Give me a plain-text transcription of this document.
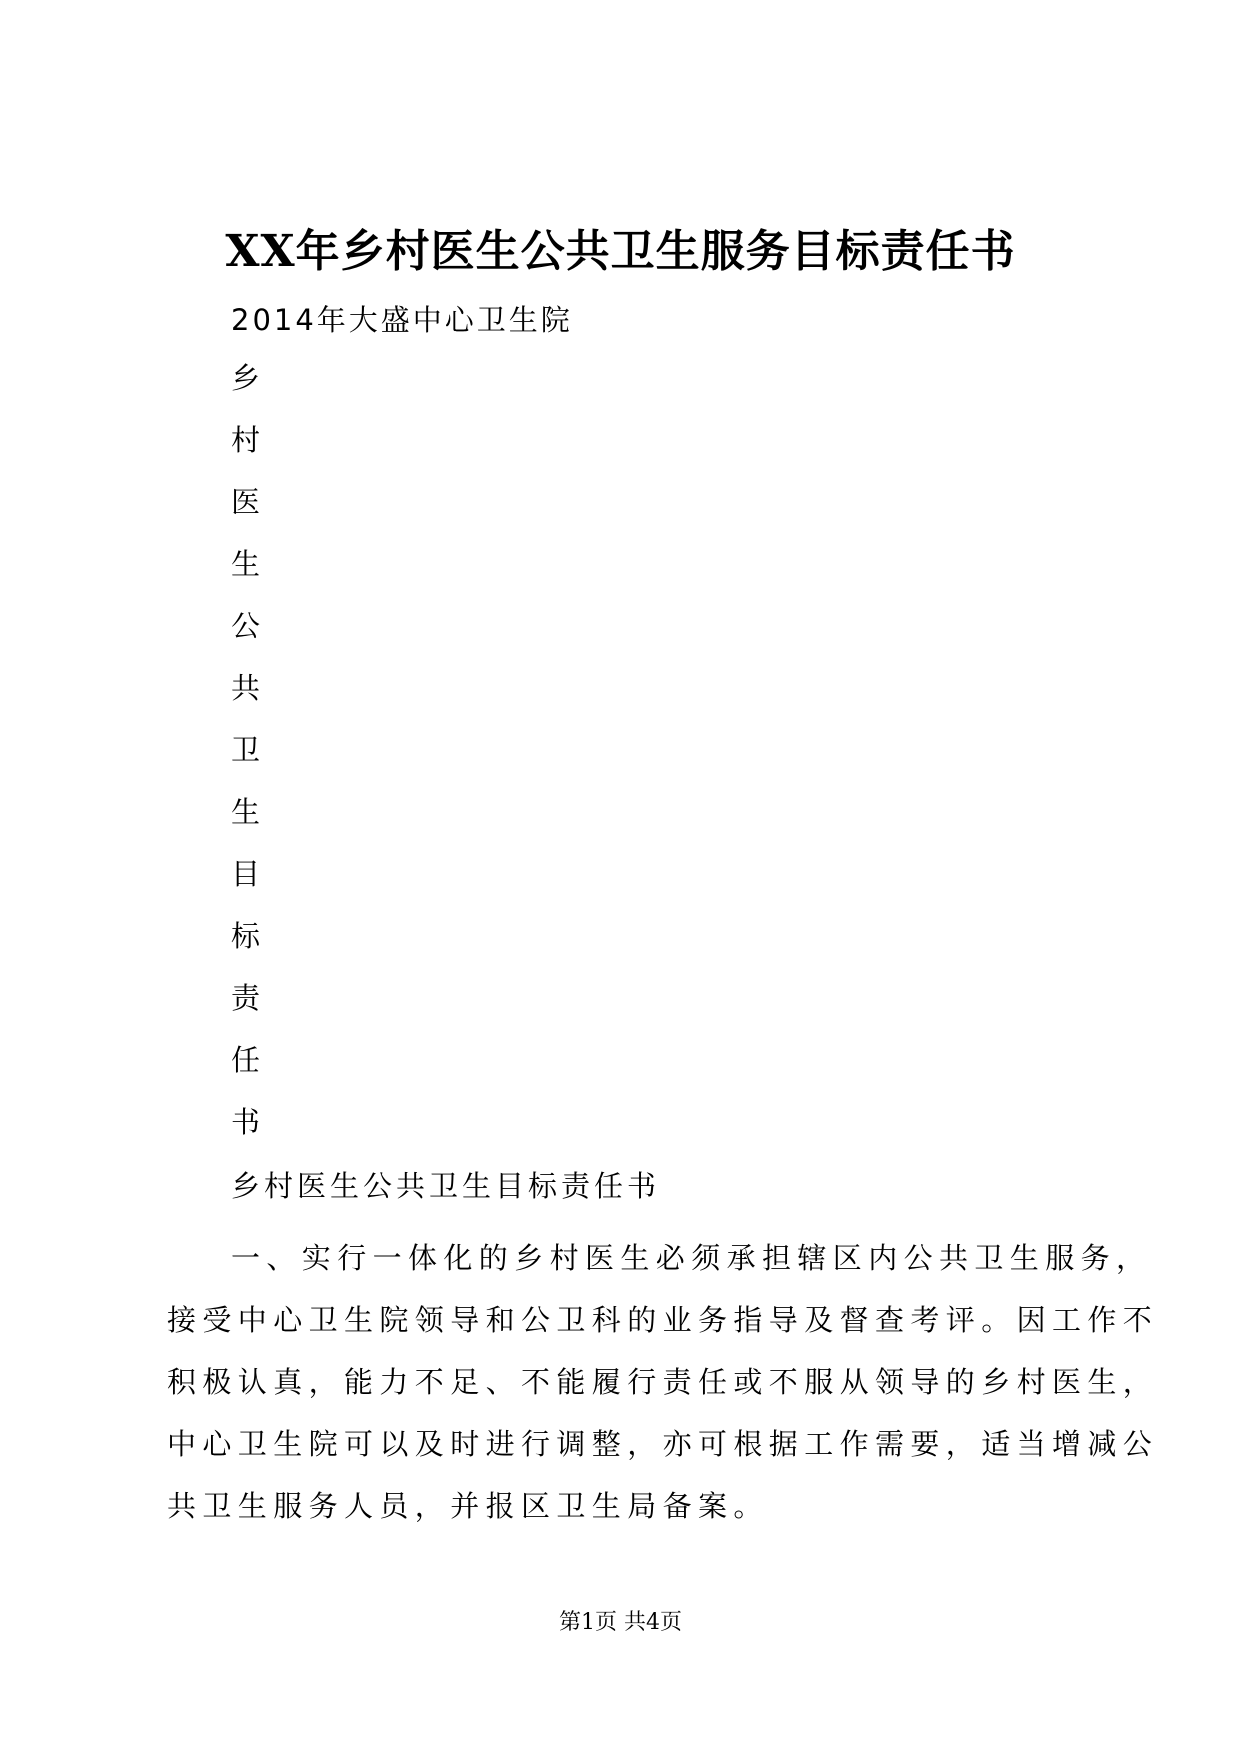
XX年乡村医生公共卫生服务目标责任书
2014年大盛中心卫生院
乡
村
医
生
公
共
卫
生
目
标
责
任
书
乡村医生公共卫生目标责任书

一、实行一体化的乡村医生必须承担辖区内公共卫生服务，
接受中心卫生院领导和公卫科的业务指导及督查考评。因工作不
积极认真，能力不足、不能履行责任或不服从领导的乡村医生，
中心卫生院可以及时进行调整，亦可根据工作需要，适当增减公
共卫生服务人员，并报区卫生局备案。

第1页 共4页
